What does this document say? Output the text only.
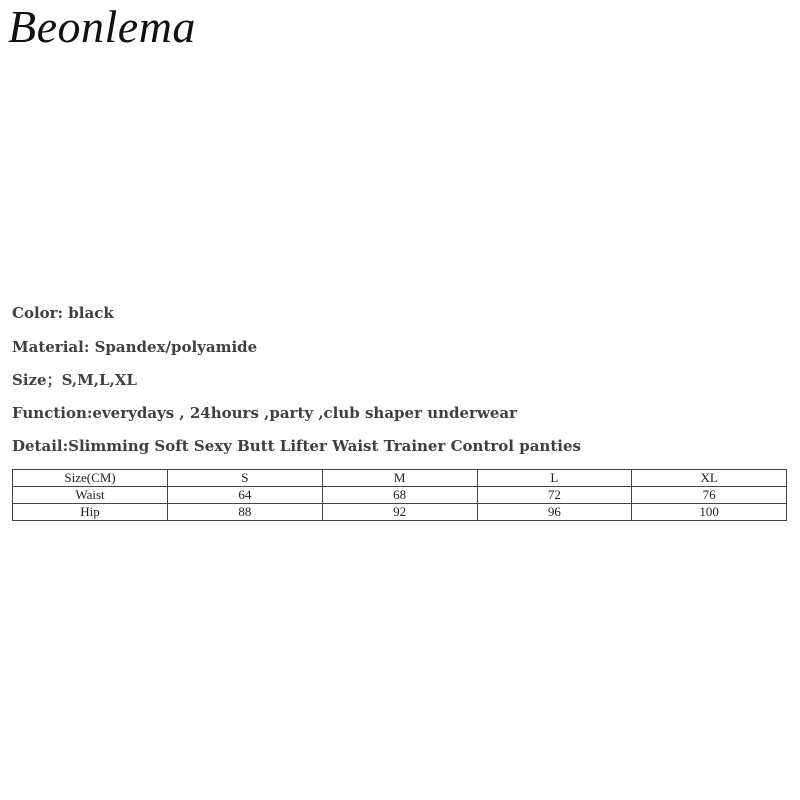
Beonlema
Color: black
Material: Spandex/polyamide
Size；S,M,L,XL
Function:everydays , 24hours ,party ,club shaper underwear
Detail:Slimming Soft Sexy Butt Lifter Waist Trainer Control panties
Size(CM)	S	M	L	XL
Waist	64	68	72	76
Hip	88	92	96	100
